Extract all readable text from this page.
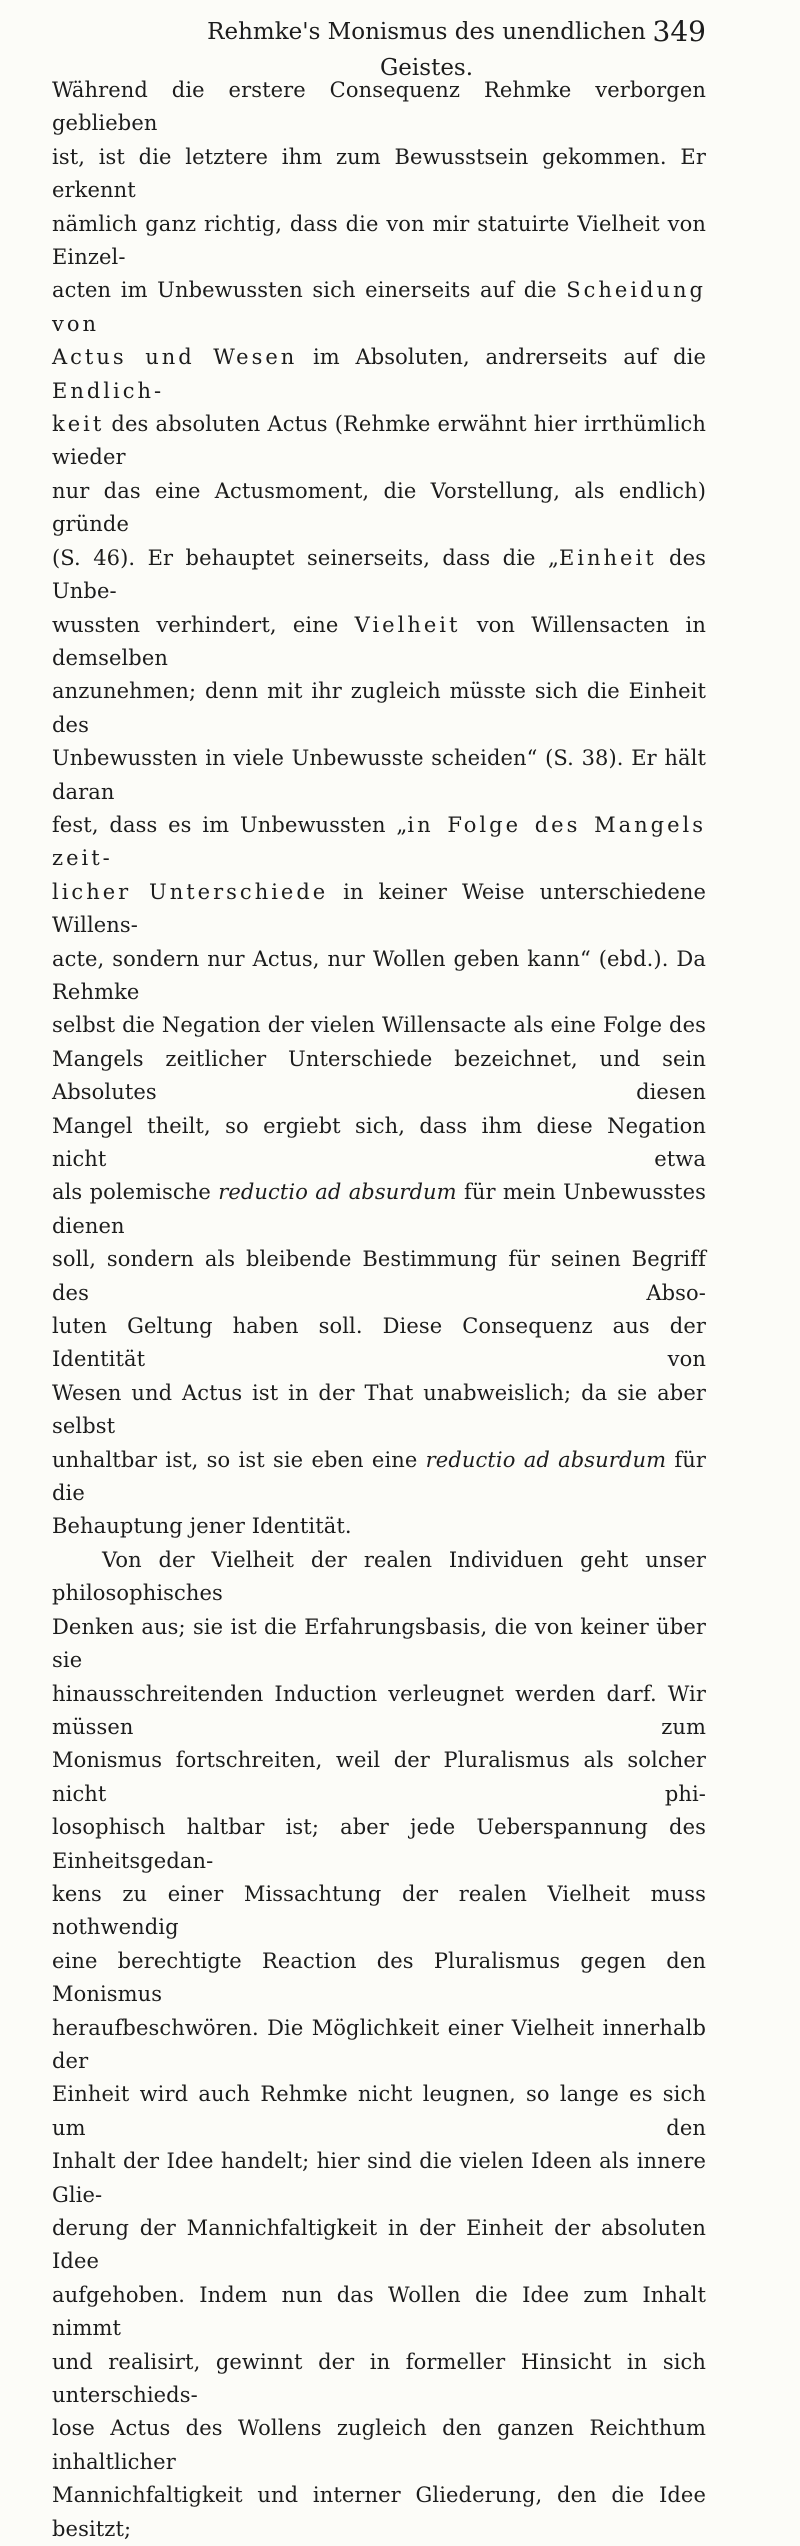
Rehmke's Monismus des unendlichen Geistes.
349

Während die erstere Consequenz Rehmke verborgen geblieben

ist, ist die letztere ihm zum Bewusstsein gekommen. Er erkennt

nämlich ganz richtig, dass die von mir statuirte Vielheit von Einzel-

acten im Unbewussten sich einerseits auf die Scheidung von

Actus und Wesen im Absoluten, andrerseits auf die Endlich-

keit des absoluten Actus (Rehmke erwähnt hier irrthümlich wieder

nur das eine Actusmoment, die Vorstellung, als endlich) gründe

(S. 46). Er behauptet seinerseits, dass die „Einheit des Unbe-

wussten verhindert, eine Vielheit von Willensacten in demselben

anzunehmen; denn mit ihr zugleich müsste sich die Einheit des

Unbewussten in viele Unbewusste scheiden“ (S. 38). Er hält daran

fest, dass es im Unbewussten „in Folge des Mangels zeit-

licher Unterschiede in keiner Weise unterschiedene Willens-

acte, sondern nur Actus, nur Wollen geben kann“ (ebd.). Da Rehmke

selbst die Negation der vielen Willensacte als eine Folge des

Mangels zeitlicher Unterschiede bezeichnet, und sein Absolutes diesen

Mangel theilt, so ergiebt sich, dass ihm diese Negation nicht etwa

als polemische reductio ad absurdum für mein Unbewusstes dienen

soll, sondern als bleibende Bestimmung für seinen Begriff des Abso-

luten Geltung haben soll. Diese Consequenz aus der Identität von

Wesen und Actus ist in der That unabweislich; da sie aber selbst

unhaltbar ist, so ist sie eben eine reductio ad absurdum für die

Behauptung jener Identität.

Von der Vielheit der realen Individuen geht unser philosophisches

Denken aus; sie ist die Erfahrungsbasis, die von keiner über sie

hinausschreitenden Induction verleugnet werden darf. Wir müssen zum

Monismus fortschreiten, weil der Pluralismus als solcher nicht phi-

losophisch haltbar ist; aber jede Ueberspannung des Einheitsgedan-

kens zu einer Missachtung der realen Vielheit muss nothwendig

eine berechtigte Reaction des Pluralismus gegen den Monismus

heraufbeschwören. Die Möglichkeit einer Vielheit innerhalb der

Einheit wird auch Rehmke nicht leugnen, so lange es sich um den

Inhalt der Idee handelt; hier sind die vielen Ideen als innere Glie-

derung der Mannichfaltigkeit in der Einheit der absoluten Idee

aufgehoben. Indem nun das Wollen die Idee zum Inhalt nimmt

und realisirt, gewinnt der in formeller Hinsicht in sich unterschieds-

lose Actus des Wollens zugleich den ganzen Reichthum inhaltlicher

Mannichfaltigkeit und interner Gliederung, den die Idee besitzt;
